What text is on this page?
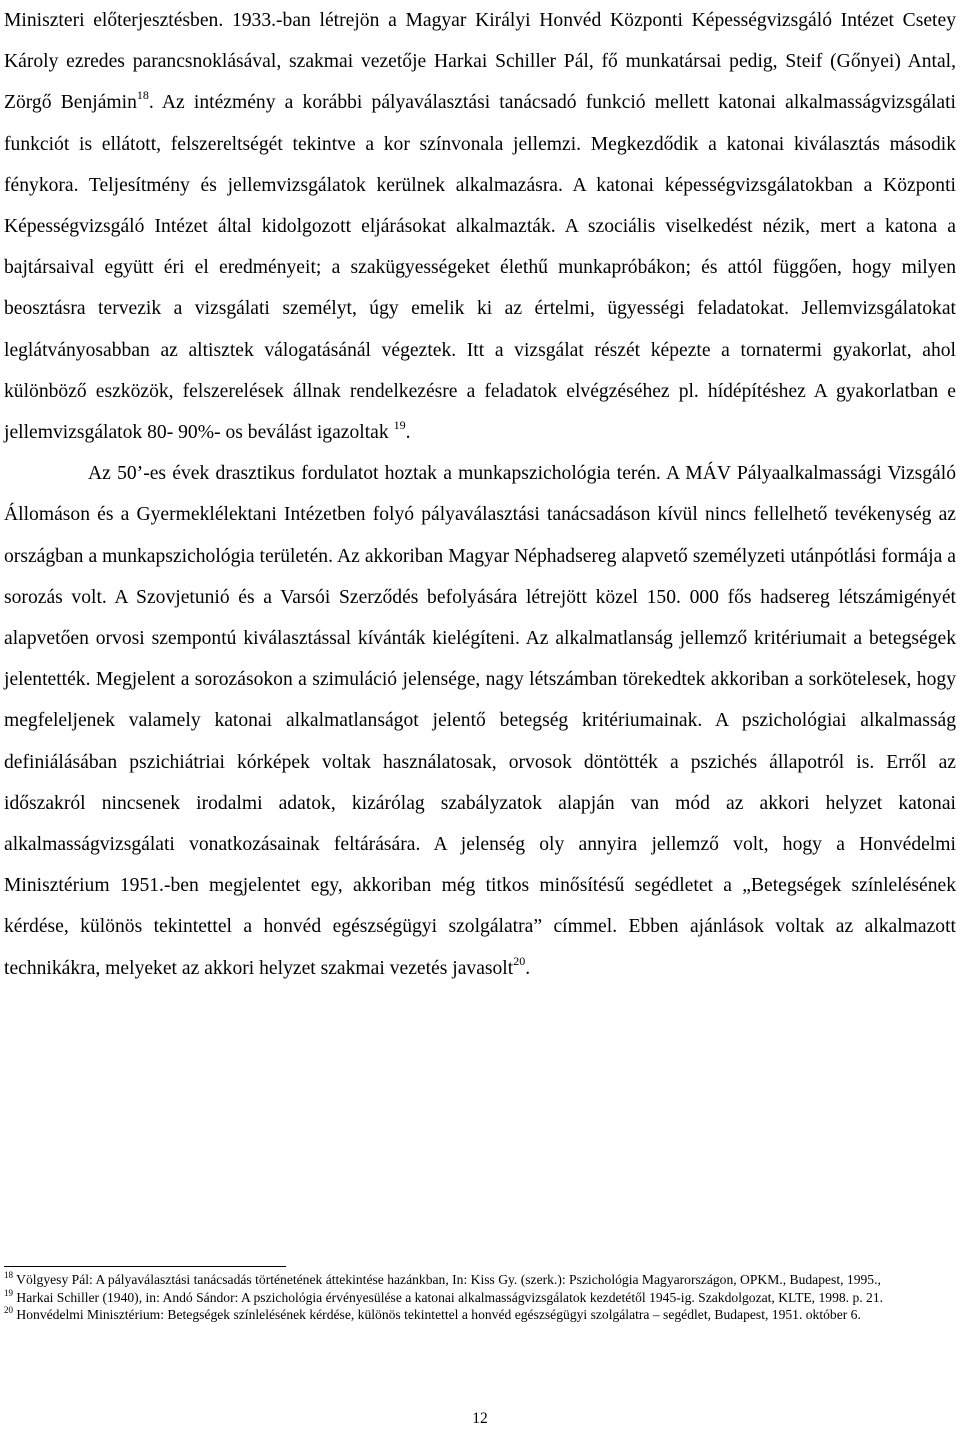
Miniszteri előterjesztésben. 1933.-ban létrejön a Magyar Királyi Honvéd Központi Képességvizsgáló Intézet Csetey Károly ezredes parancsnoklásával, szakmai vezetője Harkai Schiller Pál, fő munkatársai pedig, Steif (Gőnyei) Antal, Zörgő Benjámin$^{18}$. Az intézmény a korábbi pályaválasztási tanácsadó funkció mellett katonai alkalmasságvizsgálati funkciót is ellátott, felszereltségét tekintve a kor színvonala jellemzi. Megkezdődik a katonai kiválasztás második fénykora. Teljesítmény és jellemvizsgálatok kerülnek alkalmazásra. A katonai képességvizsgálatokban a Központi Képességvizsgáló Intézet által kidolgozott eljárásokat alkalmazták. A szociális viselkedést nézik, mert a katona a bajtársaival együtt éri el eredményeit; a szakügyességeket élethű munkapróbákon; és attól függően, hogy milyen beosztásra tervezik a vizsgálati személyt, úgy emelik ki az értelmi, ügyességi feladatokat. Jellemvizsgálatokat leglátványosabban az altisztek válogatásánál végeztek. Itt a vizsgálat részét képezte a tornatermi gyakorlat, ahol különböző eszközök, felszerelések állnak rendelkezésre a feladatok elvégzéséhez pl. hídépítéshez A gyakorlatban e jellemvizsgálatok 80- 90%- os beválást igazoltak $^{19}$.

Az 50’-es évek drasztikus fordulatot hoztak a munkapszichológia terén. A MÁV Pályaalkalmassági Vizsgáló Állomáson és a Gyermeklélektani Intézetben folyó pályaválasztási tanácsadáson kívül nincs fellelhető tevékenység az országban a munkapszichológia területén. Az akkoriban Magyar Néphadsereg alapvető személyzeti utánpótlási formája a sorozás volt. A Szovjetunió és a Varsói Szerződés befolyására létrejött közel 150. 000 fős hadsereg létszámigényét alapvetően orvosi szempontú kiválasztással kívánták kielégíteni. Az alkalmatlanság jellemző kritériumait a betegségek jelentették. Megjelent a sorozásokon a szimuláció jelensége, nagy létszámban törekedtek akkoriban a sorkötelesek, hogy megfeleljenek valamely katonai alkalmatlanságot jelentő betegség kritériumainak. A pszichológiai alkalmasság definiálásában pszichiátriai kórképek voltak használatosak, orvosok döntötték a pszichés állapotról is. Erről az időszakról nincsenek irodalmi adatok, kizárólag szabályzatok alapján van mód az akkori helyzet katonai alkalmasságvizsgálati vonatkozásainak feltárására. A jelenség oly annyira jellemző volt, hogy a Honvédelmi Minisztérium 1951.-ben megjelentet egy, akkoriban még titkos minősítésű segédletet a „Betegségek színlelésének kérdése, különös tekintettel a honvéd egészségügyi szolgálatra” címmel. Ebben ajánlások voltak az alkalmazott technikákra, melyeket az akkori helyzet szakmai vezetés javasolt$^{20}$.

$^{18}$ Völgyesy Pál: A pályaválasztási tanácsadás történetének áttekintése hazánkban, In: Kiss Gy. (szerk.): Pszichológia Magyarországon, OPKM., Budapest, 1995.,

$^{19}$ Harkai Schiller (1940), in: Andó Sándor: A pszichológia érvényesülése a katonai alkalmasságvizsgálatok kezdetétől 1945-ig. Szakdolgozat, KLTE, 1998. p. 21.

$^{20}$ Honvédelmi Minisztérium: Betegségek színlelésének kérdése, különös tekintettel a honvéd egészségügyi szolgálatra – segédlet, Budapest, 1951. október 6.

12
